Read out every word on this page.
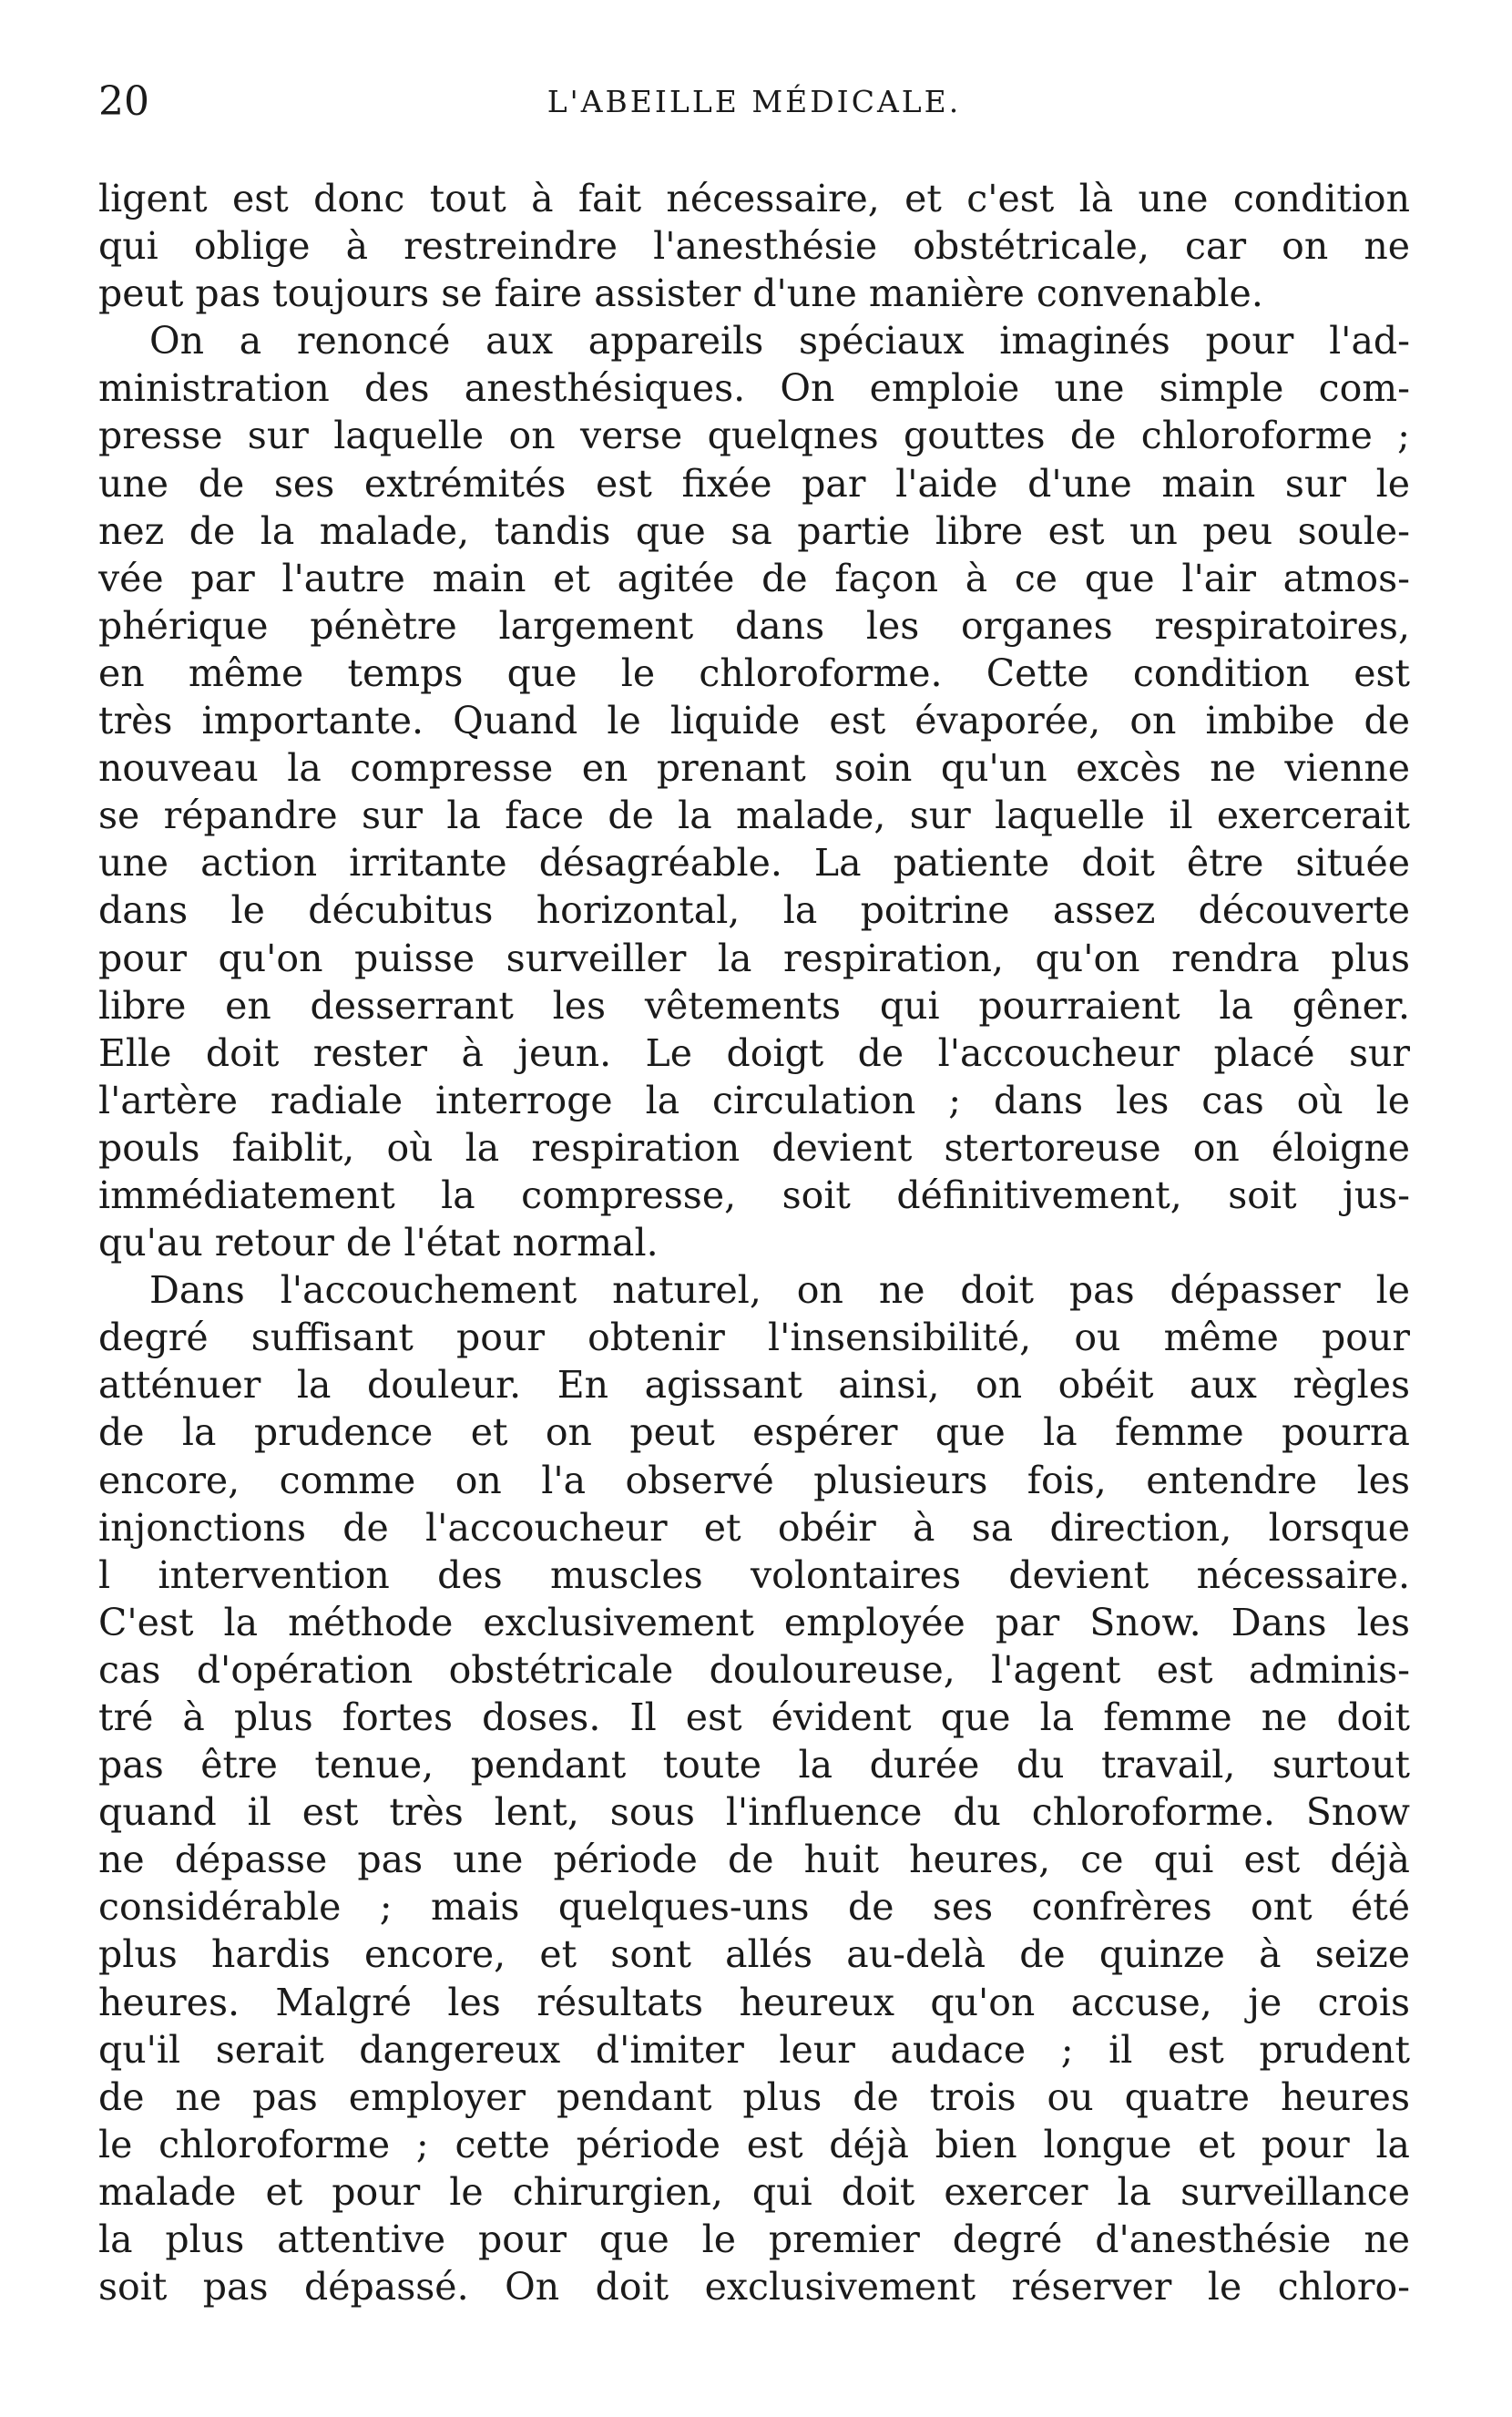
20	L'ABEILLE MÉDICALE.
ligent est donc tout à fait nécessaire, et c'est là une condition
qui oblige à restreindre l'anesthésie obstétricale, car on ne
peut pas toujours se faire assister d'une manière convenable.
On a renoncé aux appareils spéciaux imaginés pour l'ad-
ministration des anesthésiques. On emploie une simple com-
presse sur laquelle on verse quelqnes gouttes de chloroforme ;
une de ses extrémités est fixée par l'aide d'une main sur le
nez de la malade, tandis que sa partie libre est un peu soule-
vée par l'autre main et agitée de façon à ce que l'air atmos-
phérique pénètre largement dans les organes respiratoires,
en même temps que le chloroforme. Cette condition est
très importante. Quand le liquide est évaporée, on imbibe de
nouveau la compresse en prenant soin qu'un excès ne vienne
se répandre sur la face de la malade, sur laquelle il exercerait
une action irritante désagréable. La patiente doit être située
dans le décubitus horizontal, la poitrine assez découverte
pour qu'on puisse surveiller la respiration, qu'on rendra plus
libre en desserrant les vêtements qui pourraient la gêner.
Elle doit rester à jeun. Le doigt de l'accoucheur placé sur
l'artère radiale interroge la circulation ; dans les cas où le
pouls faiblit, où la respiration devient stertoreuse on éloigne
immédiatement la compresse, soit définitivement, soit jus-
qu'au retour de l'état normal.
Dans l'accouchement naturel, on ne doit pas dépasser le
degré suffisant pour obtenir l'insensibilité, ou même pour
atténuer la douleur. En agissant ainsi, on obéit aux règles
de la prudence et on peut espérer que la femme pourra
encore, comme on l'a observé plusieurs fois, entendre les
injonctions de l'accoucheur et obéir à sa direction, lorsque
l intervention des muscles volontaires devient nécessaire.
C'est la méthode exclusivement employée par Snow. Dans les
cas d'opération obstétricale douloureuse, l'agent est adminis-
tré à plus fortes doses. Il est évident que la femme ne doit
pas être tenue, pendant toute la durée du travail, surtout
quand il est très lent, sous l'influence du chloroforme. Snow
ne dépasse pas une période de huit heures, ce qui est déjà
considérable ; mais quelques-uns de ses confrères ont été
plus hardis encore, et sont allés au-delà de quinze à seize
heures. Malgré les résultats heureux qu'on accuse, je crois
qu'il serait dangereux d'imiter leur audace ; il est prudent
de ne pas employer pendant plus de trois ou quatre heures
le chloroforme ; cette période est déjà bien longue et pour la
malade et pour le chirurgien, qui doit exercer la surveillance
la plus attentive pour que le premier degré d'anesthésie ne
soit pas dépassé. On doit exclusivement réserver le chloro-
